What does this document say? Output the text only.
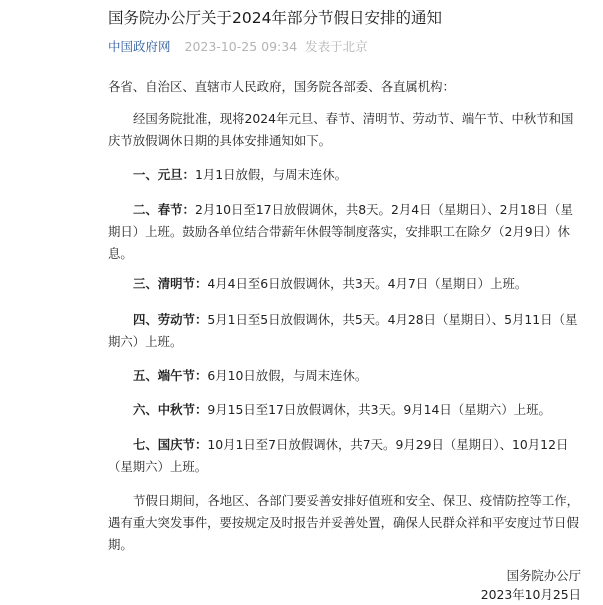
国务院办公厅关于2024年部分节假日安排的通知
中国政府网 2023-10-25 09:34 发表于北京
各省、自治区、直辖市人民政府，国务院各部委、各直属机构：
经国务院批准，现将2024年元旦、春节、清明节、劳动节、端午节、中秋节和国庆节放假调休日期的具体安排通知如下。
一、元旦：1月1日放假，与周末连休。
二、春节：2月10日至17日放假调休，共8天。2月4日（星期日）、2月18日（星期日）上班。鼓励各单位结合带薪年休假等制度落实，安排职工在除夕（2月9日）休息。
三、清明节：4月4日至6日放假调休，共3天。4月7日（星期日）上班。
四、劳动节：5月1日至5日放假调休，共5天。4月28日（星期日）、5月11日（星期六）上班。
五、端午节：6月10日放假，与周末连休。
六、中秋节：9月15日至17日放假调休，共3天。9月14日（星期六）上班。
七、国庆节：10月1日至7日放假调休，共7天。9月29日（星期日）、10月12日（星期六）上班。
节假日期间，各地区、各部门要妥善安排好值班和安全、保卫、疫情防控等工作，遇有重大突发事件，要按规定及时报告并妥善处置，确保人民群众祥和平安度过节日假期。
国务院办公厅
2023年10月25日
